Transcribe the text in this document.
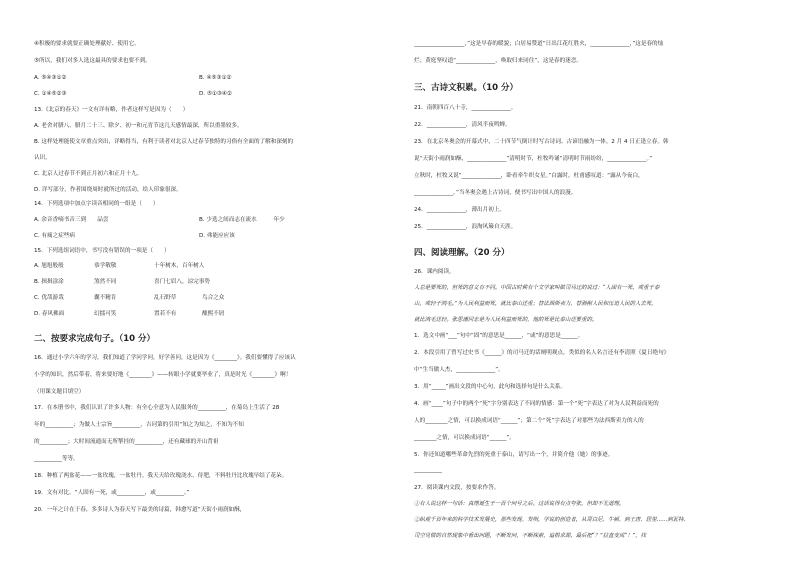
④积极的要求就要正确处理献好、使用它。
⑤所以，我们对多人选这最具的要求也要不到。
A. ⑤④③①②	B. ④⑤③①②
C. ①④⑤②③	D. ⑤①③④②
13.《北京的春天》一文有详有略，作者这样写是因为（　　）
A. 老舍对腊八、腊月二十三、除夕、初一和元宵节这几天感情最深，所以重墨较多。
B. 这样处理能使文章重点突出，详略得当，有利于读者对北京人过春节独特的习俗有全面的了解和深刻的
认识。
C. 北京人过春节不到正月初六和正月十九。
D. 详写部分，作者围绕周时就所过的活动，给人印象很深。
14．下列选项中加点字读音相同的一组是（　　）
A. 余音香嘀书音三到　　品尝	B. 少选之间而志在流水　　　年少
C. 有痛之症些病	D. 弗能应应该
15．下列选组词语中，书写没有错误的一项是（　　）
A. 旭旭般般	恭学敬敬	十年树木，百年树人
B. 揖揖涂涂	煞然不同	喜门七眉八，凉完事势
C. 优哉游哉	囊不精肯	乱石野草	鸟合之众
D. 春风佛面	幻擂可笑	置若不有	酿熙不屑
二、按要求完成句子。（10 分）
16．通过小学六年的学习，我们知道了学问学问，好学善问，这是因为《________》。我们要懂得了应该认
小学的知识，然后带着，将来要好地《________》——转眼小学就要毕业了，真是时光《________》啊！
（用课文题目填空）
17．在本册书中，我们认识了许多人物：有全心全意为人民服务的__________，在菊岛上生活了 28
年的__________；为做人士宗旨__________，吉诃第的引用“知之为知之，不知为不知
的__________；大时间流通而无所掣挂的__________，还有藏球的开山背祖
__________等等。
18．种植了两盆花——一盆玫瑰，一盆牡丹。我天天给玫瑰浇水、侍肥，不料牡丹比玫瑰早结了花朵。
19．文有对比。“人固有一死，或__________，或__________。”
20．一年之计在于春，多多诗人为春天写下最美的诗篇，韩愈写道“天街小雨润如酥，
__________________，”这是早春的暖貌；白居易赞道“日出江花红胜火，______________，”这是春的灿
烂；黄庭坚叹道“______________，唤取归来同住”，这是春的迷恋。
三、古诗文积累。（10 分）
21．南朝四百八十寺，______________。
22．______________，清风半夜鸣蝉。
23．在北京冬奥会的开幕式中，二十四节气倒计时写古诗词、古谚语融为一体。2 月 4 日正逢立春。韩
说“天街小雨润如酥，______________”清明时节，杜牧吟诵“清明时节雨纷纷，______________。”
立秋时，杜牧又说“______________，卧看牵牛织女星。”白露时，杜甫感叹道：“露从今夜白，
______________。”当冬奥会遇上古诗词，便书写出中国人的浪漫。
24．______________，薄出月初上。
25．______________，浪淘风簸自天涯。
四、阅读理解。（20 分）
26．课内阅读。
人总是要死的，但死的意义有不同。中国古时候有个文学家叫做司马迁的说过：“人固有一死，或重于泰
山，或轻于鸿毛。”为人民利益而死，就比泰山还重；替法西斯卖力，替剥削人民和压迫人民的人去死，
就比鸿毛还轻。张思德同志是为人民利益而死的，他的死是比泰山还要重的。
1．选文中画“___”句中“固”的意思是______，“或”的意思是______。
2．本段引用了曾写过史书《______》的司马迁的话阐明观点，类似的名人名言还有李清照《夏日绝句》
中“生当做人杰，______________”。
3．用“_____”画出文段的中心句，此句和选择句是什么关系。
4．画“____”句子中的两个“死”字分别表达了不同的情感：第一个“死”字表达了对为人民利益而死的
人的________之情，可以换成词语“______”；第二个“死”字表达了对那些为法西斯卖力的人的
________之情，可以换成词语“______”。
5．你还知道哪些革命先烈的死重于泰山，请写出一个，并简介他（她）的事迹。
__________
27．阅读课内文段，按要求作答。
①有人说这样一句话：真理诞生于一百个问号之后。这话说得有点夸张，但却不无道理。
②纵观千百年来的科学技术发展史，那些发现、发明，学说的创造者，从哥白尼、牛顿、到王唐、居里……到瓦特、
司空见惯的自然现象中看出问题，不断发问，不断探索，追根求源，最后把“？”拉直变成“！”，找
